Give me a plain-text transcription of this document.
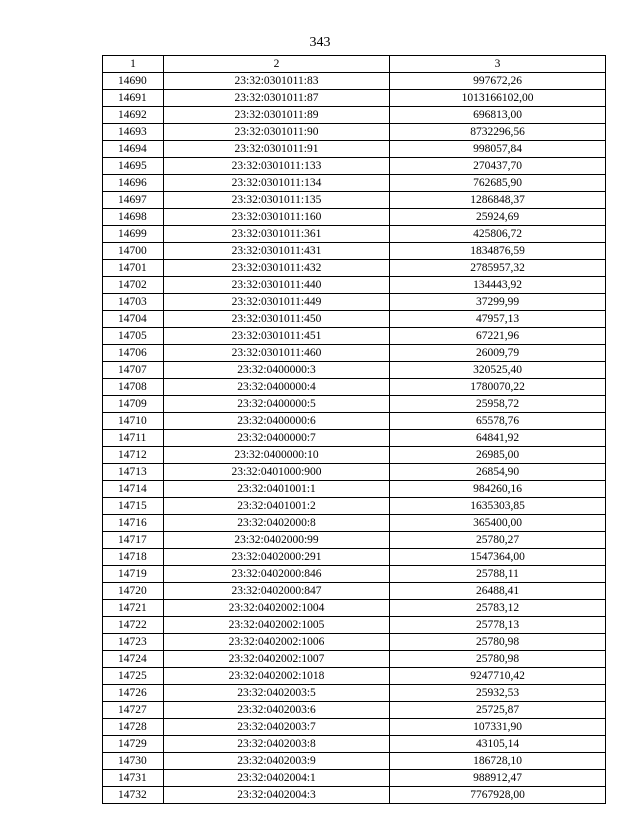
343
1	2	3
14690	23:32:0301011:83	997672,26
14691	23:32:0301011:87	1013166102,00
14692	23:32:0301011:89	696813,00
14693	23:32:0301011:90	8732296,56
14694	23:32:0301011:91	998057,84
14695	23:32:0301011:133	270437,70
14696	23:32:0301011:134	762685,90
14697	23:32:0301011:135	1286848,37
14698	23:32:0301011:160	25924,69
14699	23:32:0301011:361	425806,72
14700	23:32:0301011:431	1834876,59
14701	23:32:0301011:432	2785957,32
14702	23:32:0301011:440	134443,92
14703	23:32:0301011:449	37299,99
14704	23:32:0301011:450	47957,13
14705	23:32:0301011:451	67221,96
14706	23:32:0301011:460	26009,79
14707	23:32:0400000:3	320525,40
14708	23:32:0400000:4	1780070,22
14709	23:32:0400000:5	25958,72
14710	23:32:0400000:6	65578,76
14711	23:32:0400000:7	64841,92
14712	23:32:0400000:10	26985,00
14713	23:32:0401000:900	26854,90
14714	23:32:0401001:1	984260,16
14715	23:32:0401001:2	1635303,85
14716	23:32:0402000:8	365400,00
14717	23:32:0402000:99	25780,27
14718	23:32:0402000:291	1547364,00
14719	23:32:0402000:846	25788,11
14720	23:32:0402000:847	26488,41
14721	23:32:0402002:1004	25783,12
14722	23:32:0402002:1005	25778,13
14723	23:32:0402002:1006	25780,98
14724	23:32:0402002:1007	25780,98
14725	23:32:0402002:1018	9247710,42
14726	23:32:0402003:5	25932,53
14727	23:32:0402003:6	25725,87
14728	23:32:0402003:7	107331,90
14729	23:32:0402003:8	43105,14
14730	23:32:0402003:9	186728,10
14731	23:32:0402004:1	988912,47
14732	23:32:0402004:3	7767928,00
